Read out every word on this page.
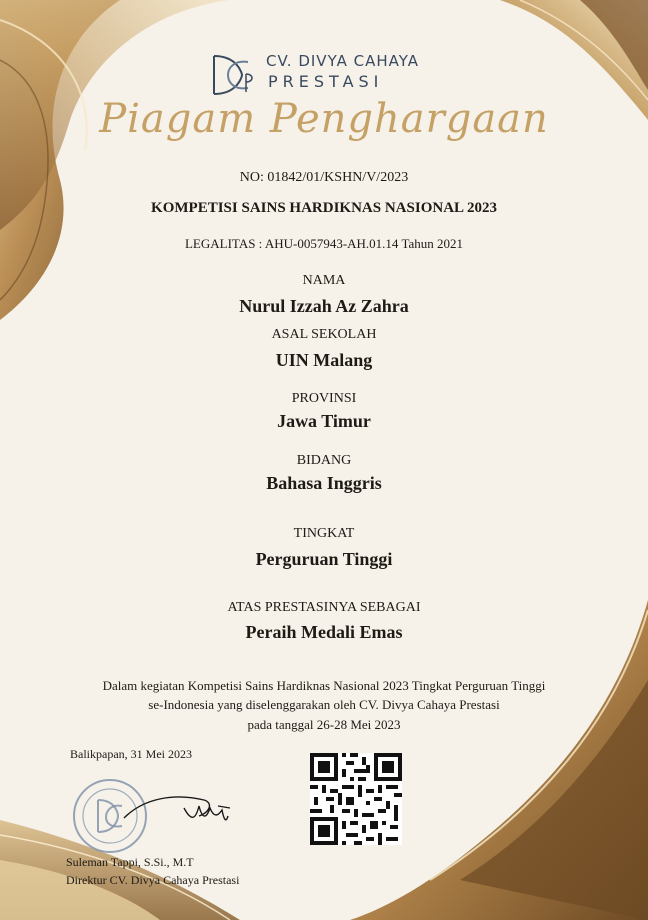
CV. DIVYA CAHAYA
PRESTASI
Piagam Penghargaan
NO: 01842/01/KSHN/V/2023
KOMPETISI SAINS HARDIKNAS NASIONAL 2023
LEGALITAS : AHU-0057943-AH.01.14 Tahun 2021
NAMA
Nurul Izzah Az Zahra
ASAL SEKOLAH
UIN Malang
PROVINSI
Jawa Timur
BIDANG
Bahasa Inggris
TINGKAT
Perguruan Tinggi
ATAS PRESTASINYA SEBAGAI
Peraih Medali Emas
Dalam kegiatan Kompetisi Sains Hardiknas Nasional 2023 Tingkat Perguruan Tinggi
se-Indonesia yang diselenggarakan oleh CV. Divya Cahaya Prestasi
pada tanggal 26-28 Mei 2023
Balikpapan, 31 Mei 2023
Suleman Tappi, S.Si., M.T
Direktur CV. Divya Cahaya Prestasi
